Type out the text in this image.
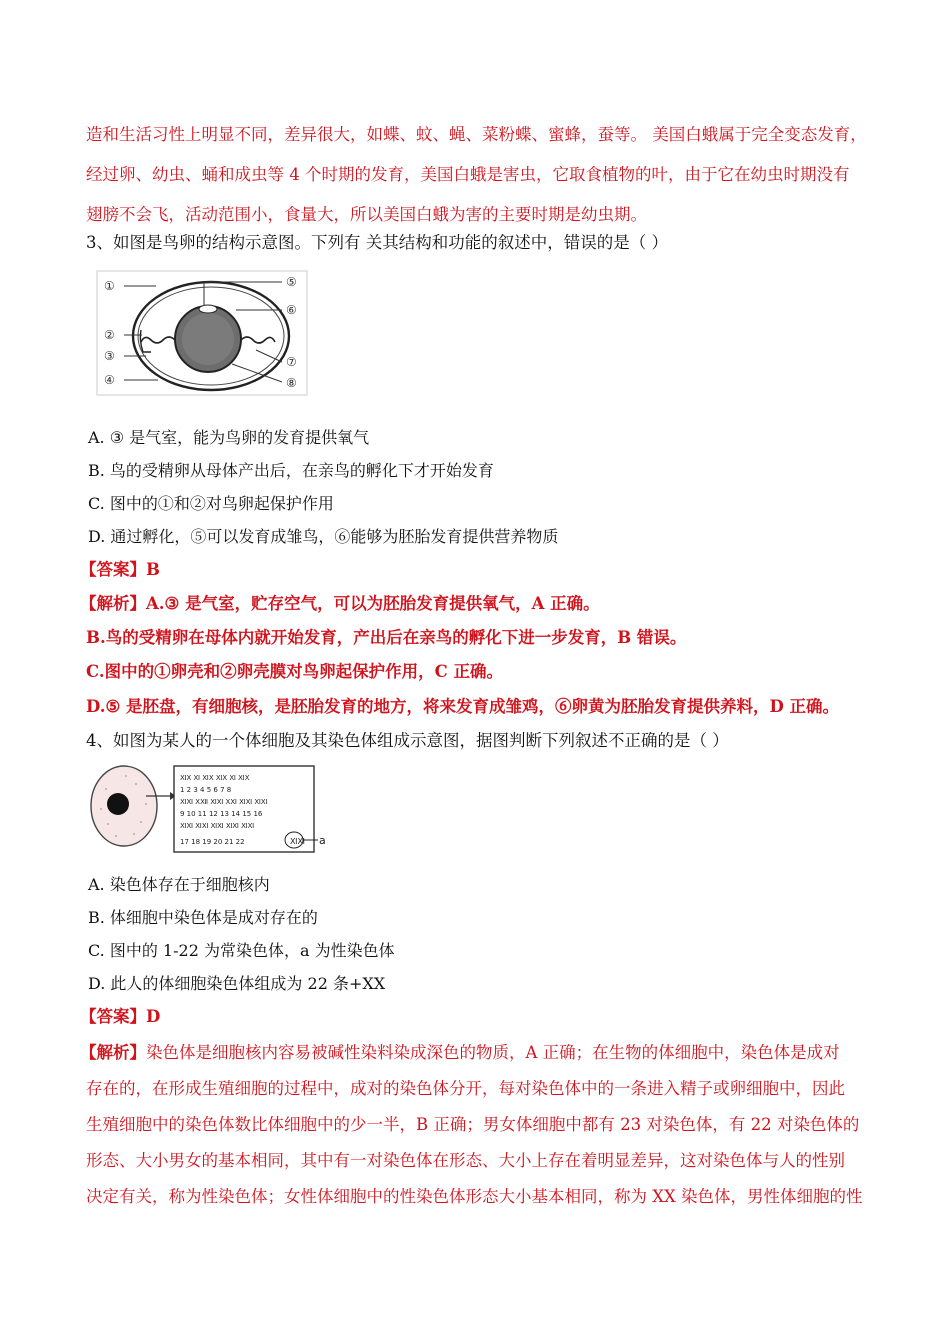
造和生活习性上明显不同，差异很大，如蝶、蚊、蝇、菜粉蝶、蜜蜂，蚕等。 美国白蛾属于完全变态发育，
经过卵、幼虫、蛹和成虫等 4 个时期的发育，美国白蛾是害虫，它取食植物的叶，由于它在幼虫时期没有
翅膀不会飞，活动范围小，食量大，所以美国白蛾为害的主要时期是幼虫期。
3、如图是鸟卵的结构示意图。下列有 关其结构和功能的叙述中，错误的是（ ）
①
②
③
④
⑤
⑥
⑦
⑧
A. ③ 是气室，能为鸟卵的发育提供氧气
B. 鸟的受精卵从母体产出后，在亲鸟的孵化下才开始发育
C. 图中的①和②对鸟卵起保护作用
D. 通过孵化，⑤可以发育成雏鸟，⑥能够为胚胎发育提供营养物质
【答案】B
【解析】A.③ 是气室，贮存空气，可以为胚胎发育提供氧气，A 正确。
B.鸟的受精卵在母体内就开始发育，产出后在亲鸟的孵化下进一步发育，B 错误。
C.图中的①卵壳和②卵壳膜对鸟卵起保护作用，C 正确。
D.⑤ 是胚盘，有细胞核，是胚胎发育的地方，将来发育成雏鸡，⑥卵黄为胚胎发育提供养料，D 正确。
4、如图为某人的一个体细胞及其染色体组成示意图，据图判断下列叙述不正确的是（ ）
ⅪⅩ Ⅺ ⅪⅩ ⅪⅩ Ⅺ ⅪⅩ
1 2 3 4 5 6 7 8
ⅪⅪ ⅩⅫ ⅪⅪ ⅩⅪ ⅪⅪ ⅪⅪ
9 10 11 12 13 14 15 16
ⅪⅪ ⅪⅪ ⅪⅪ ⅪⅪ ⅪⅪ
17 18 19 20 21 22	ⅪⅪ a
A. 染色体存在于细胞核内
B. 体细胞中染色体是成对存在的
C. 图中的 1-22 为常染色体，a 为性染色体
D. 此人的体细胞染色体组成为 22 条+XX
【答案】D
【解析】染色体是细胞核内容易被碱性染料染成深色的物质，A 正确；在生物的体细胞中，染色体是成对
存在的，在形成生殖细胞的过程中，成对的染色体分开，每对染色体中的一条进入精子或卵细胞中，因此
生殖细胞中的染色体数比体细胞中的少一半，B 正确；男女体细胞中都有 23 对染色体，有 22 对染色体的
形态、大小男女的基本相同，其中有一对染色体在形态、大小上存在着明显差异，这对染色体与人的性别
决定有关，称为性染色体；女性体细胞中的性染色体形态大小基本相同，称为 XX 染色体，男性体细胞的性
